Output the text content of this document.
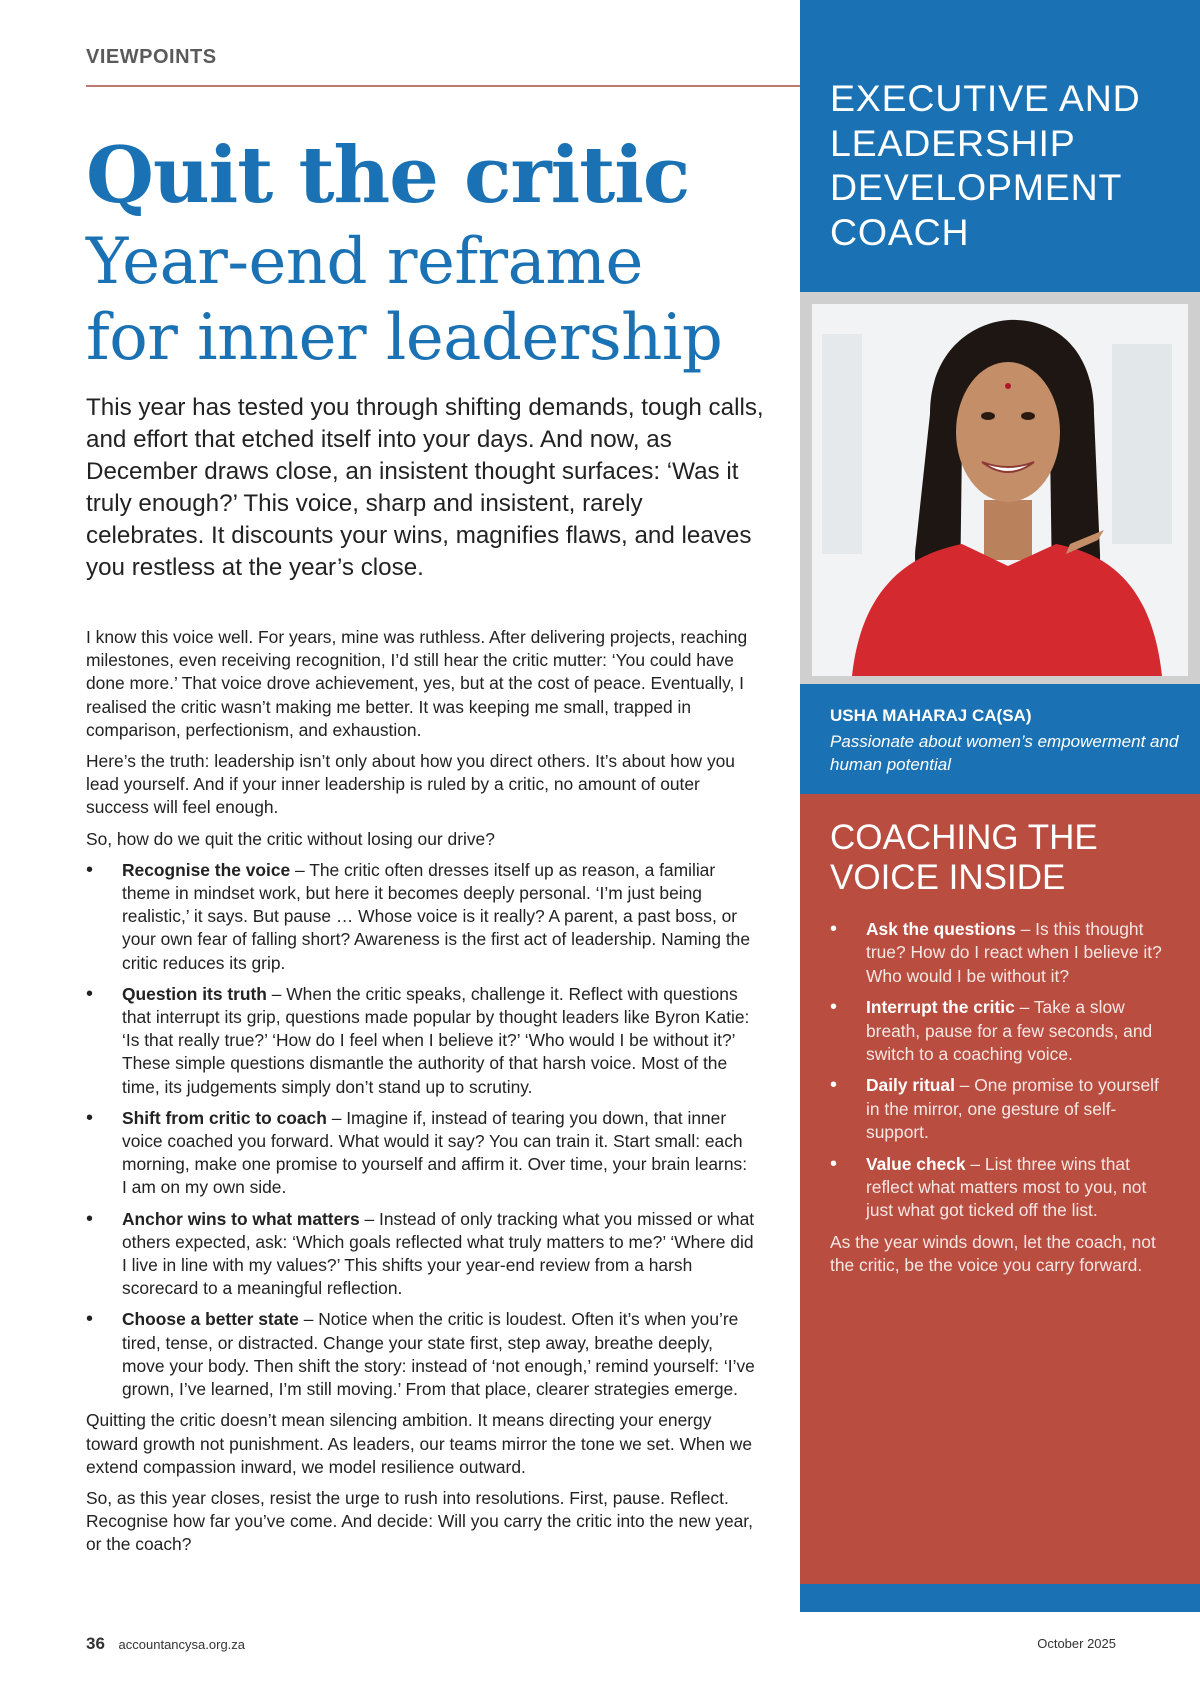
VIEWPOINTS
Quit the critic
Year-end reframe
for inner leadership
This year has tested you through shifting demands, tough calls, and effort that etched itself into your days. And now, as December draws close, an insistent thought surfaces: ‘Was it truly enough?’ This voice, sharp and insistent, rarely celebrates. It discounts your wins, magnifies flaws, and leaves you restless at the year’s close.

I know this voice well. For years, mine was ruthless. After delivering projects, reaching milestones, even receiving recognition, I’d still hear the critic mutter: ‘You could have done more.’ That voice drove achievement, yes, but at the cost of peace. Eventually, I realised the critic wasn’t making me better. It was keeping me small, trapped in comparison, perfectionism, and exhaustion.

Here’s the truth: leadership isn’t only about how you direct others. It’s about how you lead yourself. And if your inner leadership is ruled by a critic, no amount of outer success will feel enough.

So, how do we quit the critic without losing our drive?

• Recognise the voice – The critic often dresses itself up as reason, a familiar theme in mindset work, but here it becomes deeply personal. ‘I’m just being realistic,’ it says. But pause … Whose voice is it really? A parent, a past boss, or your own fear of falling short? Awareness is the first act of leadership. Naming the critic reduces its grip.
• Question its truth – When the critic speaks, challenge it. Reflect with questions that interrupt its grip, questions made popular by thought leaders like Byron Katie: ‘Is that really true?’ ‘How do I feel when I believe it?’ ‘Who would I be without it?’ These simple questions dismantle the authority of that harsh voice. Most of the time, its judgements simply don’t stand up to scrutiny.
• Shift from critic to coach – Imagine if, instead of tearing you down, that inner voice coached you forward. What would it say? You can train it. Start small: each morning, make one promise to yourself and affirm it. Over time, your brain learns: I am on my own side.
• Anchor wins to what matters – Instead of only tracking what you missed or what others expected, ask: ‘Which goals reflected what truly matters to me?’ ‘Where did I live in line with my values?’ This shifts your year-end review from a harsh scorecard to a meaningful reflection.
• Choose a better state – Notice when the critic is loudest. Often it’s when you’re tired, tense, or distracted. Change your state first, step away, breathe deeply, move your body. Then shift the story: instead of ‘not enough,’ remind yourself: ‘I’ve grown, I’ve learned, I’m still moving.’ From that place, clearer strategies emerge.

Quitting the critic doesn’t mean silencing ambition. It means directing your energy toward growth not punishment. As leaders, our teams mirror the tone we set. When we extend compassion inward, we model resilience outward.

So, as this year closes, resist the urge to rush into resolutions. First, pause. Reflect. Recognise how far you’ve come. And decide: Will you carry the critic into the new year, or the coach?

36 accountancysa.org.za	October 2025
EXECUTIVE AND LEADERSHIP DEVELOPMENT COACH
USHA MAHARAJ CA(SA)
Passionate about women’s empowerment and human potential
COACHING THE VOICE INSIDE
• Ask the questions – Is this thought true? How do I react when I believe it? Who would I be without it?
• Interrupt the critic – Take a slow breath, pause for a few seconds, and switch to a coaching voice.
• Daily ritual – One promise to yourself in the mirror, one gesture of self-support.
• Value check – List three wins that reflect what matters most to you, not just what got ticked off the list.
As the year winds down, let the coach, not the critic, be the voice you carry forward.
